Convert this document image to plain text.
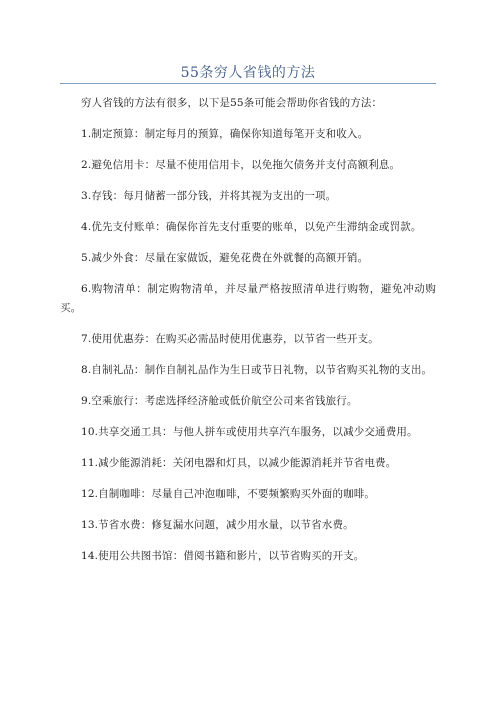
55条穷人省钱的方法

穷人省钱的方法有很多，以下是55条可能会帮助你省钱的方法：

1.制定预算：制定每月的预算，确保你知道每笔开支和收入。

2.避免信用卡：尽量不使用信用卡，以免拖欠债务并支付高额利息。

3.存钱：每月储蓄一部分钱，并将其视为支出的一项。

4.优先支付账单：确保你首先支付重要的账单，以免产生滞纳金或罚款。

5.减少外食：尽量在家做饭，避免花费在外就餐的高额开销。

6.购物清单：制定购物清单，并尽量严格按照清单进行购物，避免冲动购买。

7.使用优惠券：在购买必需品时使用优惠券，以节省一些开支。

8.自制礼品：制作自制礼品作为生日或节日礼物，以节省购买礼物的支出。

9.空乘旅行：考虑选择经济舱或低价航空公司来省钱旅行。

10.共享交通工具：与他人拼车或使用共享汽车服务，以减少交通费用。

11.减少能源消耗：关闭电器和灯具，以减少能源消耗并节省电费。

12.自制咖啡：尽量自己冲泡咖啡，不要频繁购买外面的咖啡。

13.节省水费：修复漏水问题，减少用水量，以节省水费。

14.使用公共图书馆：借阅书籍和影片，以节省购买的开支。
